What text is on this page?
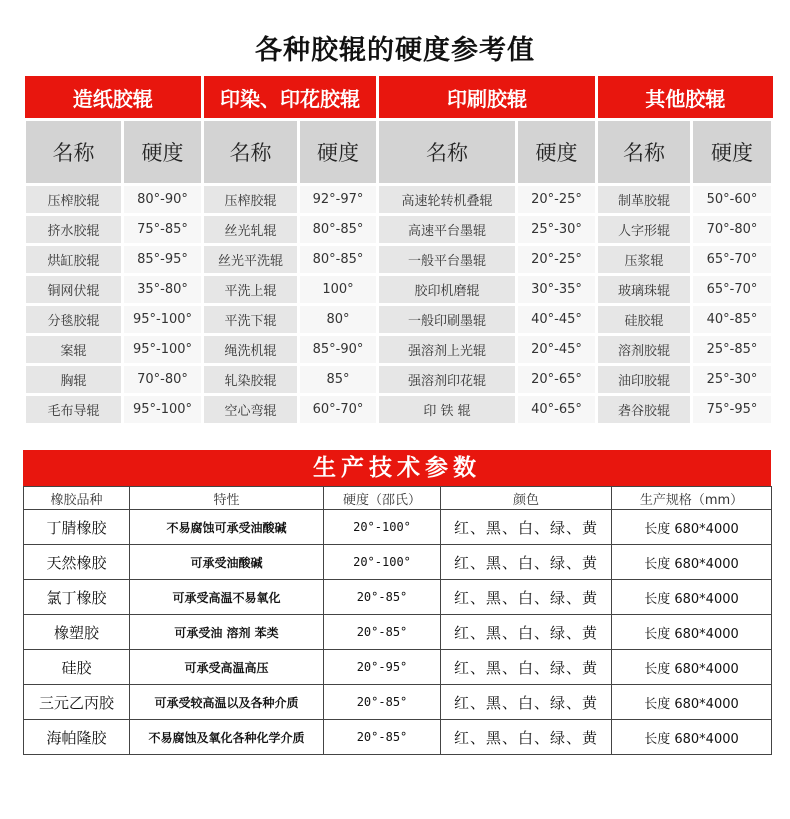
各种胶辊的硬度参考值
造纸胶辊		印染、印花胶辊		印刷胶辊		其他胶辊	
名称	硬度	名称	硬度	名称	硬度	名称	硬度
压榨胶辊	80°-90°	压榨胶辊	92°-97°	高速轮转机叠辊	20°-25°	制革胶辊	50°-60°
挤水胶辊	75°-85°	丝光轧辊	80°-85°	高速平台墨辊	25°-30°	人字形辊	70°-80°
烘缸胶辊	85°-95°	丝光平洗辊	80°-85°	一般平台墨辊	20°-25°	压浆辊	65°-70°
铜网伏辊	35°-80°	平洗上辊	100°	胶印机磨辊	30°-35°	玻璃珠辊	65°-70°
分毯胶辊	95°-100°	平洗下辊	80°	一般印刷墨辊	40°-45°	硅胶辊	40°-85°
案辊	95°-100°	绳洗机辊	85°-90°	强溶剂上光辊	20°-45°	溶剂胶辊	25°-85°
胸辊	70°-80°	轧染胶辊	85°	强溶剂印花辊	20°-65°	油印胶辊	25°-30°
毛布导辊	95°-100°	空心弯辊	60°-70°	印 铁 辊	40°-65°	砻谷胶辊	75°-95°
生产技术参数
橡胶品种	特性	硬度（邵氏）	颜色	生产规格（mm）
丁腈橡胶	不易腐蚀可承受油酸碱	20°-100°	红、黑、白、绿、黄	长度 680*4000
天然橡胶	可承受油酸碱	20°-100°	红、黑、白、绿、黄	长度 680*4000
氯丁橡胶	可承受高温不易氧化	20°-85°	红、黑、白、绿、黄	长度 680*4000
橡塑胶	可承受油 溶剂 苯类	20°-85°	红、黑、白、绿、黄	长度 680*4000
硅胶	可承受高温高压	20°-95°	红、黑、白、绿、黄	长度 680*4000
三元乙丙胶	可承受较高温以及各种介质	20°-85°	红、黑、白、绿、黄	长度 680*4000
海帕隆胶	不易腐蚀及氧化各种化学介质	20°-85°	红、黑、白、绿、黄	长度 680*4000
